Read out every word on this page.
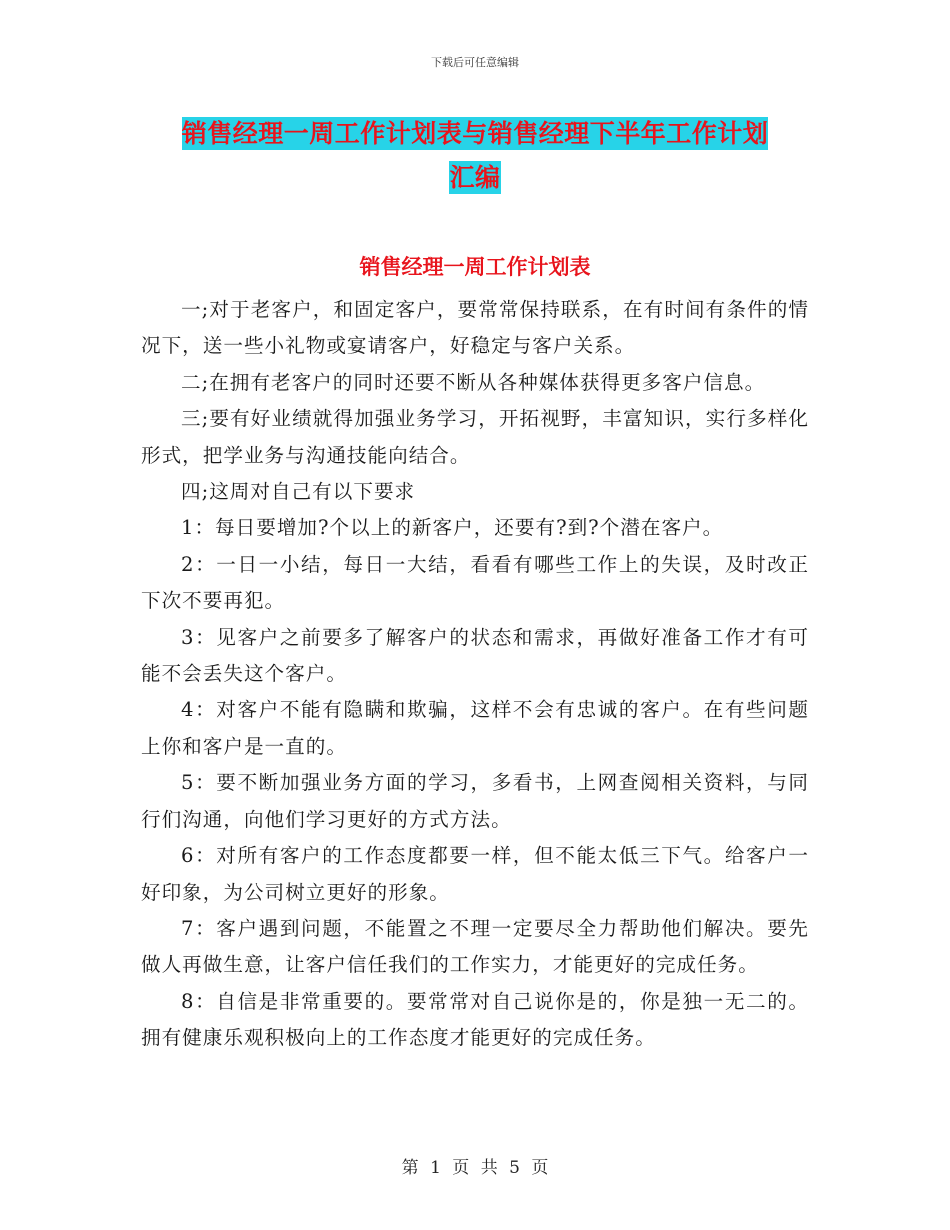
下载后可任意编辑
销售经理一周工作计划表与销售经理下半年工作计划
汇编
销售经理一周工作计划表

一;对于老客户，和固定客户，要常常保持联系，在有时间有条件的情况下，送一些小礼物或宴请客户，好稳定与客户关系。

二;在拥有老客户的同时还要不断从各种媒体获得更多客户信息。

三;要有好业绩就得加强业务学习，开拓视野，丰富知识，实行多样化形式，把学业务与沟通技能向结合。

四;这周对自己有以下要求

1：每日要增加?个以上的新客户，还要有?到?个潜在客户。

2：一日一小结，每日一大结，看看有哪些工作上的失误，及时改正下次不要再犯。

3：见客户之前要多了解客户的状态和需求，再做好准备工作才有可能不会丢失这个客户。

4：对客户不能有隐瞒和欺骗，这样不会有忠诚的客户。在有些问题上你和客户是一直的。

5：要不断加强业务方面的学习，多看书，上网查阅相关资料，与同行们沟通，向他们学习更好的方式方法。

6：对所有客户的工作态度都要一样，但不能太低三下气。给客户一好印象，为公司树立更好的形象。

7：客户遇到问题，不能置之不理一定要尽全力帮助他们解决。要先做人再做生意，让客户信任我们的工作实力，才能更好的完成任务。

8：自信是非常重要的。要常常对自己说你是的，你是独一无二的。拥有健康乐观积极向上的工作态度才能更好的完成任务。

第 1 页 共 5 页
